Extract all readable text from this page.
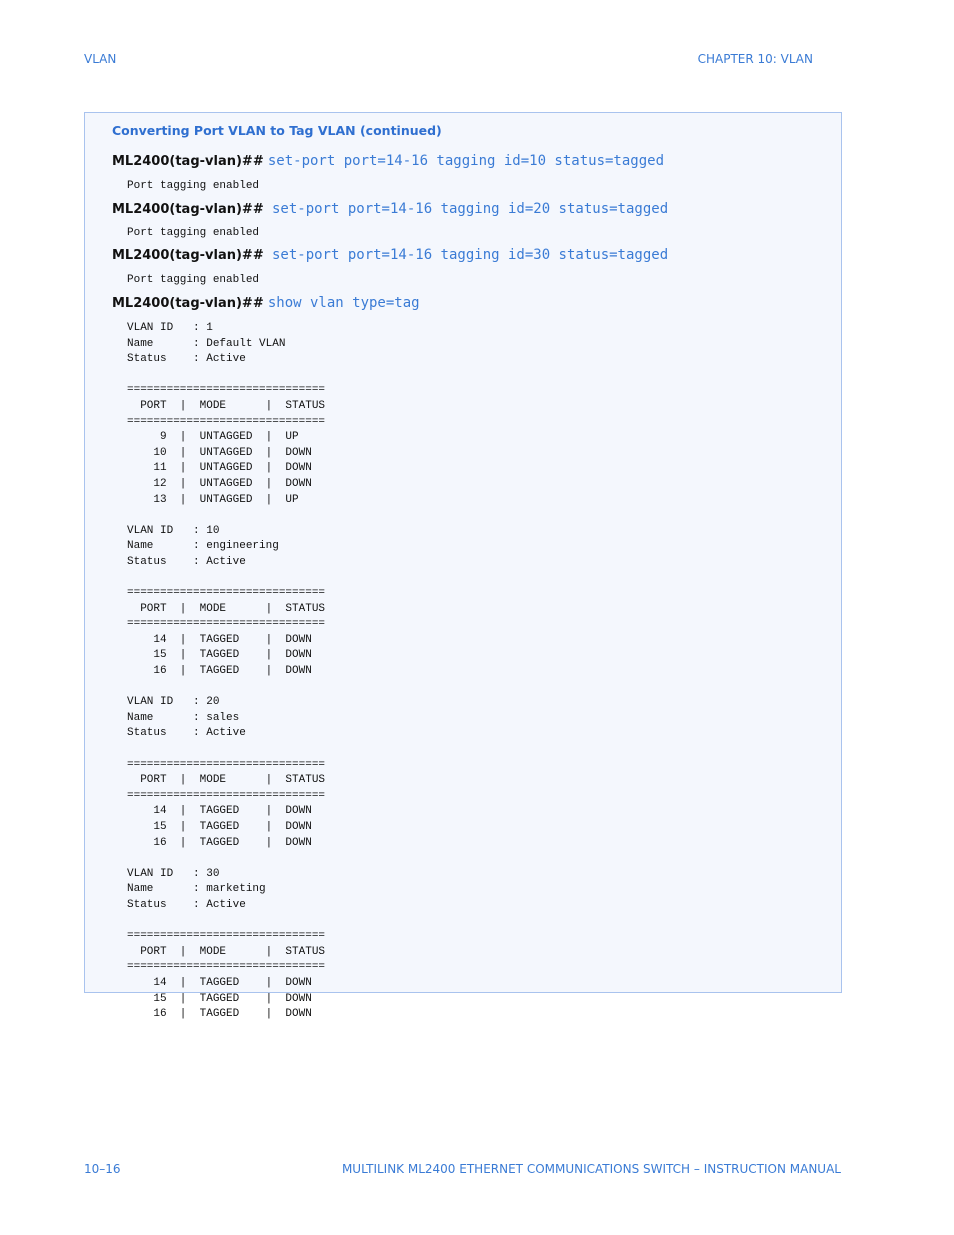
VLAN	CHAPTER 10: VLAN
Converting Port VLAN to Tag VLAN (continued)
ML2400(tag-vlan)## set-port port=14-16 tagging id=10 status=tagged
Port tagging enabled
ML2400(tag-vlan)## set-port port=14-16 tagging id=20 status=tagged
Port tagging enabled
ML2400(tag-vlan)## set-port port=14-16 tagging id=30 status=tagged
Port tagging enabled
ML2400(tag-vlan)## show vlan type=tag
VLAN ID   : 1
Name      : Default VLAN
Status    : Active
==============================
PORT  |  MODE      |  STATUS
==============================
9  |  UNTAGGED  |  UP
10  |  UNTAGGED  |  DOWN
11  |  UNTAGGED  |  DOWN
12  |  UNTAGGED  |  DOWN
13  |  UNTAGGED  |  UP
VLAN ID   : 10
Name      : engineering
Status    : Active
==============================
PORT  |  MODE      |  STATUS
==============================
14  |  TAGGED    |  DOWN
15  |  TAGGED    |  DOWN
16  |  TAGGED    |  DOWN
VLAN ID   : 20
Name      : sales
Status    : Active
==============================
PORT  |  MODE      |  STATUS
==============================
14  |  TAGGED    |  DOWN
15  |  TAGGED    |  DOWN
16  |  TAGGED    |  DOWN
VLAN ID   : 30
Name      : marketing
Status    : Active
==============================
PORT  |  MODE      |  STATUS
==============================
14  |  TAGGED    |  DOWN
15  |  TAGGED    |  DOWN
16  |  TAGGED    |  DOWN
10–16	MULTILINK ML2400 ETHERNET COMMUNICATIONS SWITCH – INSTRUCTION MANUAL
